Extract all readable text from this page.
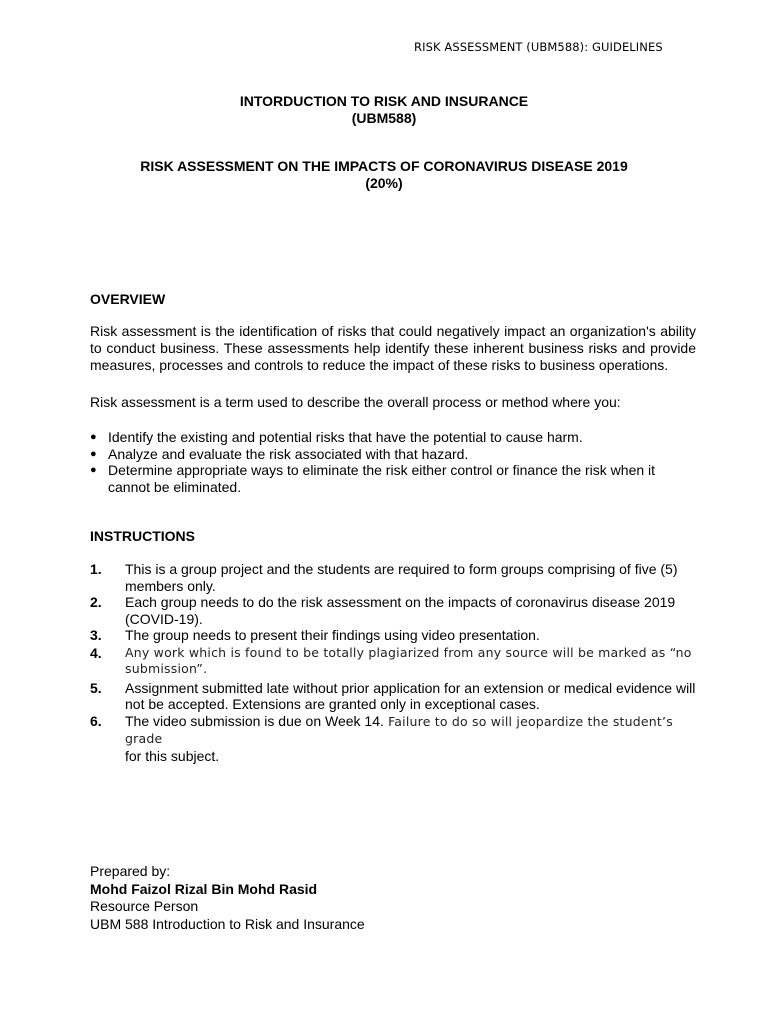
RISK ASSESSMENT (UBM588): GUIDELINES
INTORDUCTION TO RISK AND INSURANCE
(UBM588)
RISK ASSESSMENT ON THE IMPACTS OF CORONAVIRUS DISEASE 2019
(20%)
OVERVIEW
Risk assessment is the identification of risks that could negatively impact an organization's ability to conduct business. These assessments help identify these inherent business risks and provide measures, processes and controls to reduce the impact of these risks to business operations.
Risk assessment is a term used to describe the overall process or method where you:
● Identify the existing and potential risks that have the potential to cause harm.
● Analyze and evaluate the risk associated with that hazard.
● Determine appropriate ways to eliminate the risk either control or finance the risk when it cannot be eliminated.
INSTRUCTIONS
1.	This is a group project and the students are required to form groups comprising of five (5) members only.
2.	Each group needs to do the risk assessment on the impacts of coronavirus disease 2019 (COVID-19).
3.	The group needs to present their findings using video presentation.
4.	Any work which is found to be totally plagiarized from any source will be marked as “no submission”.
5.	Assignment submitted late without prior application for an extension or medical evidence will not be accepted. Extensions are granted only in exceptional cases.
6.	The video submission is due on Week 14. Failure to do so will jeopardize the student’s grade
for this subject.
Prepared by:
Mohd Faizol Rizal Bin Mohd Rasid
Resource Person
UBM 588 Introduction to Risk and Insurance
